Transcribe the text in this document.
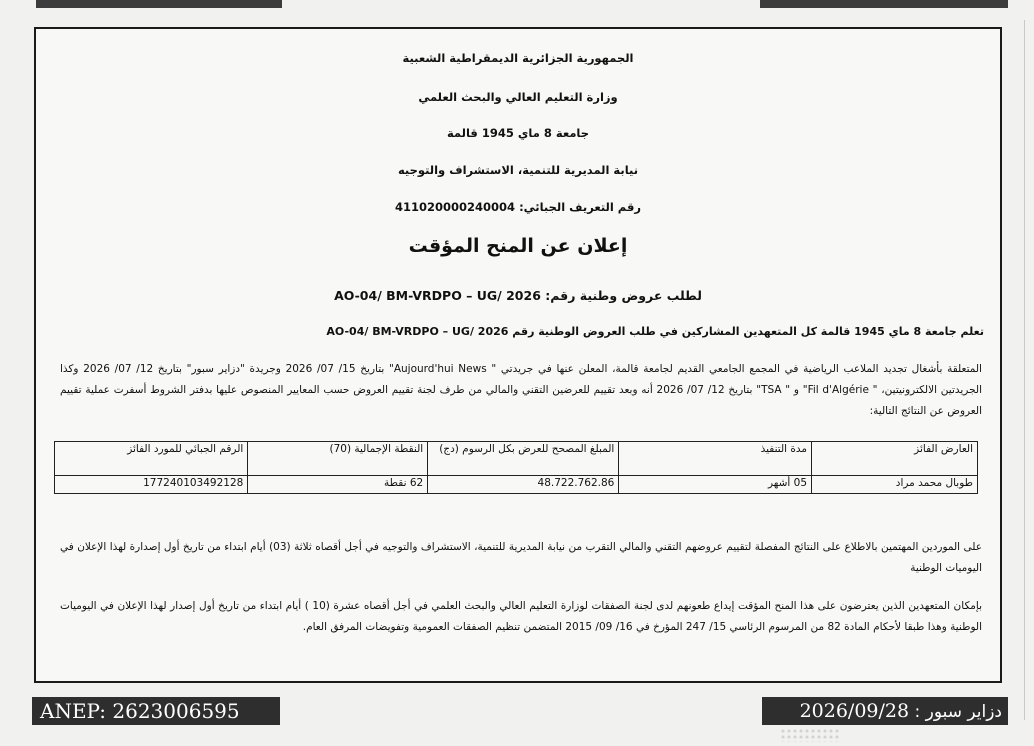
الجمهورية الجزائرية الديمقراطية الشعبية
وزارة التعليم العالي والبحث العلمي
جامعة 8 ماي 1945 قالمة
نيابة المديرية للتنمية، الاستشراف والتوجيه
رقم التعريف الجبائي: 411020000240004
إعلان عن المنح المؤقت
لطلب عروض وطنية رقم: AO-04/ BM-VRDPO – UG/ 2026
تعلم جامعة 8 ماي 1945 قالمة كل المتعهدين المشاركين في طلب العروض الوطنية رقم AO-04/ BM-VRDPO – UG/ 2026
المتعلقة بأشغال تجديد الملاعب الرياضية في المجمع الجامعي القديم لجامعة قالمة، المعلن عنها في جريدتي " Aujourd'hui News" بتاريخ 15/ 07/ 2026 وجريدة "دزاير سبور" بتاريخ 12/ 07/ 2026 وكذا الجريدتين الالكترونيتين، " Fil d'Algérie" و " TSA" بتاريخ 12/ 07/ 2026 أنه وبعد تقييم للعرضين التقني والمالي من طرف لجنة تقييم العروض حسب المعايير المنصوص عليها بدفتر الشروط أسفرت عملية تقييم العروض عن النتائج التالية:
العارض الفائز	مدة التنفيذ	المبلغ المصحح للعرض بكل الرسوم (دج)	النقطة الإجمالية (70)	الرقم الجبائي للمورد الفائز
طوبال محمد مراد	05 أشهر	48.722.762.86	62 نقطة	177240103492128
على الموردين المهتمين بالاطلاع على النتائج المفصلة لتقييم عروضهم التقني والمالي التقرب من نيابة المديرية للتنمية، الاستشراف والتوجيه في أجل أقصاه ثلاثة (03) أيام ابتداء من تاريخ أول إصدارة لهذا الإعلان في اليوميات الوطنية
بإمكان المتعهدين الذين يعترضون على هذا المنح المؤقت إيداع طعونهم لدى لجنة الصفقات لوزارة التعليم العالي والبحث العلمي في أجل أقصاه عشرة (10 ) أيام ابتداء من تاريخ أول إصدار لهذا الإعلان في اليوميات الوطنية وهذا طبقا لأحكام المادة 82 من المرسوم الرئاسي 15/ 247 المؤرخ في 16/ 09/ 2015 المتضمن تنظيم الصفقات العمومية وتفويضات المرفق العام.
ANEP: 2623006595	دزاير سبور : 2026/09/28
